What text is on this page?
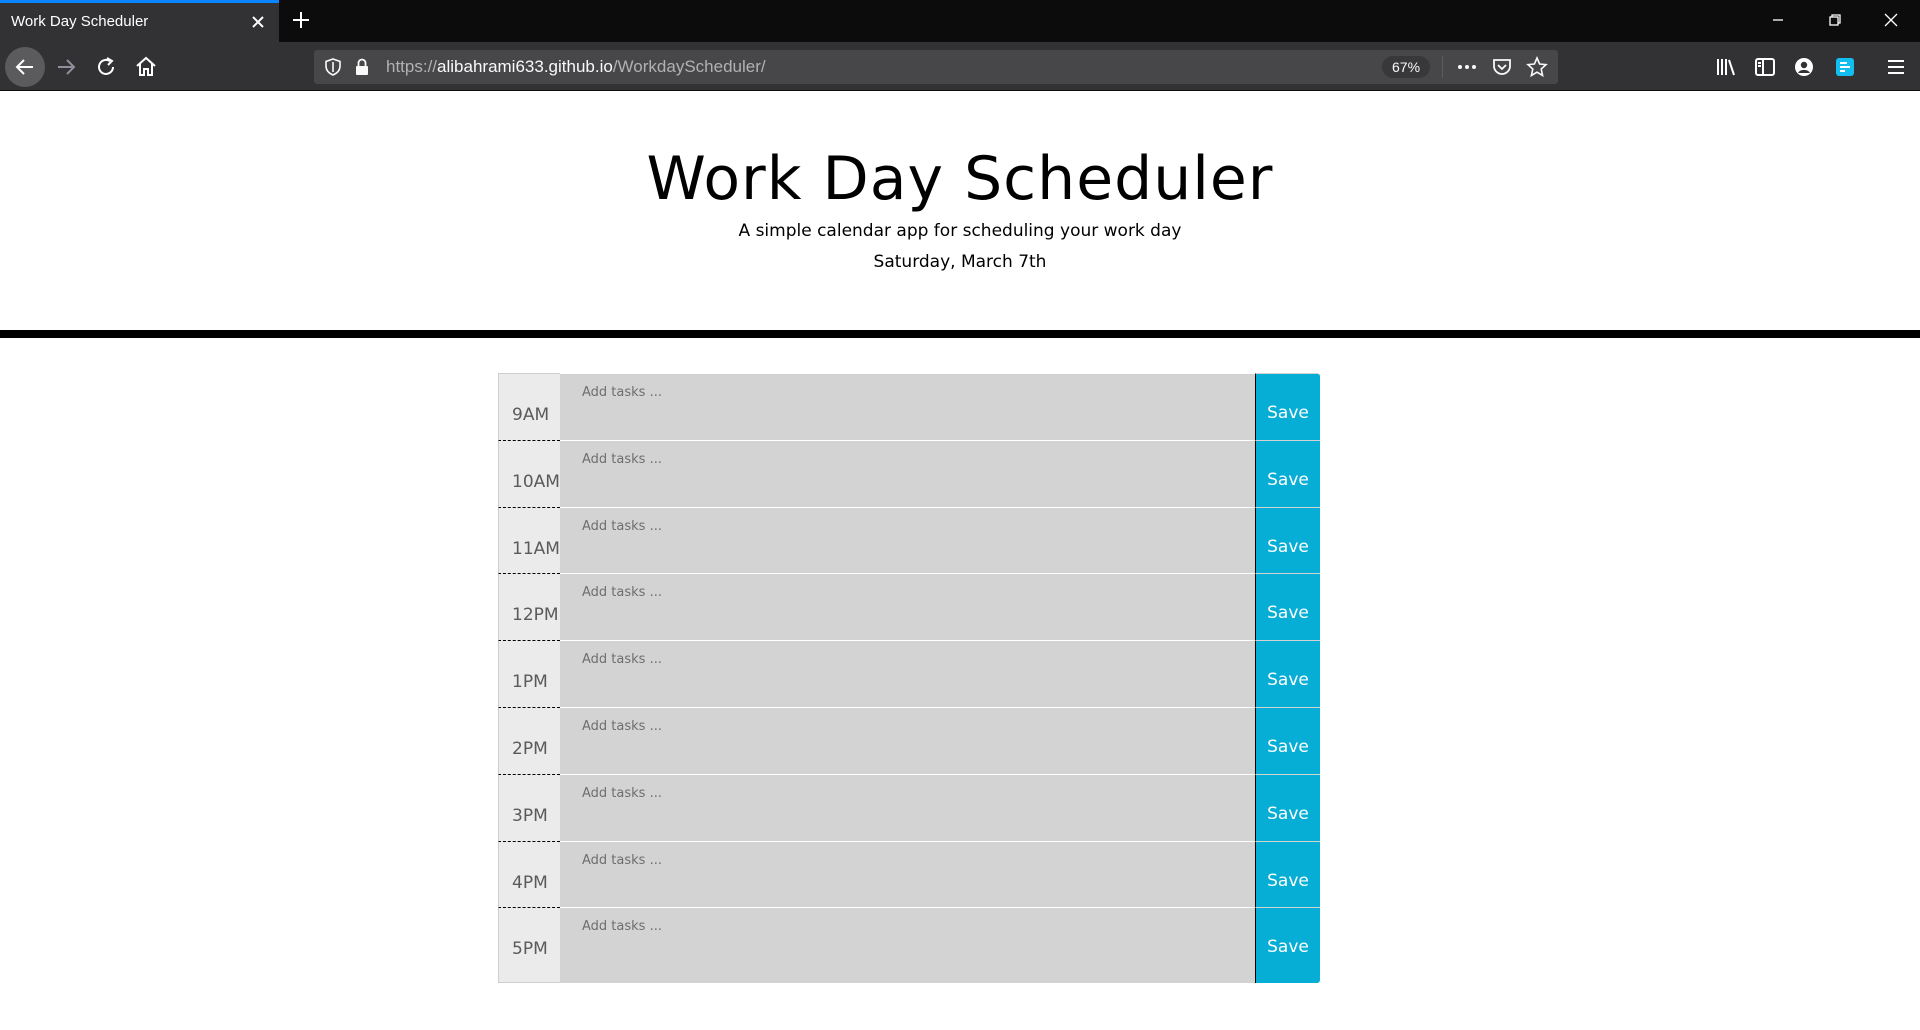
Work Day Scheduler
https://alibahrami633.github.io/WorkdayScheduler/	67%
Work Day Scheduler

A simple calendar app for scheduling your work day

Saturday, March 7th

9AM
Add tasks ...
Save
10AM
Add tasks ...
Save
11AM
Add tasks ...
Save
12PM
Add tasks ...
Save
1PM
Add tasks ...
Save
2PM
Add tasks ...
Save
3PM
Add tasks ...
Save
4PM
Add tasks ...
Save
5PM
Add tasks ...
Save
